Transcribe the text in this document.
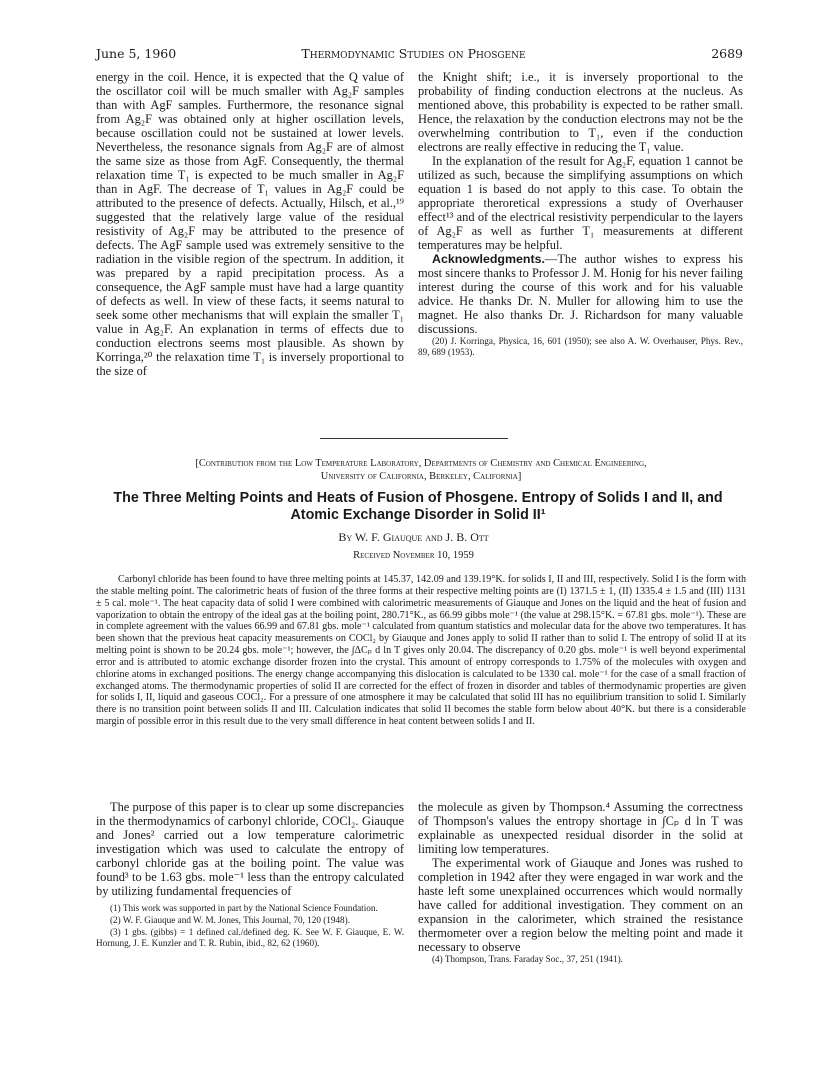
June 5, 1960	Thermodynamic Studies on Phosgene	2689

energy in the coil. Hence, it is expected that the Q value of the oscillator coil will be much smaller with Ag₂F samples than with AgF samples. Furthermore, the resonance signal from Ag₂F was obtained only at higher oscillation levels, because oscillation could not be sustained at lower levels. Nevertheless, the resonance signals from Ag₂F are of almost the same size as those from AgF. Consequently, the thermal relaxation time T₁ is expected to be much smaller in Ag₂F than in AgF. The decrease of T₁ values in Ag₂F could be attributed to the presence of defects. Actually, Hilsch, et al.,¹⁹ suggested that the relatively large value of the residual resistivity of Ag₂F may be attributed to the presence of defects. The AgF sample used was extremely sensitive to the radiation in the visible region of the spectrum. In addition, it was prepared by a rapid precipitation process. As a consequence, the AgF sample must have had a large quantity of defects as well. In view of these facts, it seems natural to seek some other mechanisms that will explain the smaller T₁ value in Ag₂F. An explanation in terms of effects due to conduction electrons seems most plausible. As shown by Korringa,²⁰ the relaxation time T₁ is inversely proportional to the size of

the Knight shift; i.e., it is inversely proportional to the probability of finding conduction electrons at the nucleus. As mentioned above, this probability is expected to be rather small. Hence, the relaxation by the conduction electrons may not be the overwhelming contribution to T₁, even if the conduction electrons are really effective in reducing the T₁ value.

In the explanation of the result for Ag₂F, equation 1 cannot be utilized as such, because the simplifying assumptions on which equation 1 is based do not apply to this case. To obtain the appropriate theroretical expressions a study of Overhauser effect¹³ and of the electrical resistivity perpendicular to the layers of Ag₂F as well as further T₁ measurements at different temperatures may be helpful.

Acknowledgments.—The author wishes to express his most sincere thanks to Professor J. M. Honig for his never failing interest during the course of this work and for his valuable advice. He thanks Dr. N. Muller for allowing him to use the magnet. He also thanks Dr. J. Richardson for many valuable discussions.

(20) J. Korringa, Physica, 16, 601 (1950); see also A. W. Overhauser, Phys. Rev., 89, 689 (1953).

[Contribution from the Low Temperature Laboratory, Departments of Chemistry and Chemical Engineering,
University of California, Berkeley, California]
The Three Melting Points and Heats of Fusion of Phosgene. Entropy of Solids I and II, and Atomic Exchange Disorder in Solid II¹
By W. F. Giauque and J. B. Ott
Received November 10, 1959

Carbonyl chloride has been found to have three melting points at 145.37, 142.09 and 139.19°K. for solids I, II and III, respectively. Solid I is the form with the stable melting point. The calorimetric heats of fusion of the three forms at their respective melting points are (I) 1371.5 ± 1, (II) 1335.4 ± 1.5 and (III) 1131 ± 5 cal. mole⁻¹. The heat capacity data of solid I were combined with calorimetric measurements of Giauque and Jones on the liquid and the heat of fusion and vaporization to obtain the entropy of the ideal gas at the boiling point, 280.71°K., as 66.99 gibbs mole⁻¹ (the value at 298.15°K. = 67.81 gbs. mole⁻¹). These are in complete agreement with the values 66.99 and 67.81 gbs. mole⁻¹ calculated from quantum statistics and molecular data for the above two temperatures. It has been shown that the previous heat capacity measurements on COCl₂ by Giauque and Jones apply to solid II rather than to solid I. The entropy of solid II at its melting point is shown to be 20.24 gbs. mole⁻¹; however, the ∫ΔCₚ d ln T gives only 20.04. The discrepancy of 0.20 gbs. mole⁻¹ is well beyond experimental error and is attributed to atomic exchange disorder frozen into the crystal. This amount of entropy corresponds to 1.75% of the molecules with oxygen and chlorine atoms in exchanged positions. The energy change accompanying this dislocation is calculated to be 1330 cal. mole⁻¹ for the case of a small fraction of exchanged atoms. The thermodynamic properties of solid II are corrected for the effect of frozen in disorder and tables of thermodynamic properties are given for solids I, II, liquid and gaseous COCl₂. For a pressure of one atmosphere it may be calculated that solid III has no equilibrium transition to solid I. Similarly there is no transition point between solids II and III. Calculation indicates that solid II becomes the stable form below about 40°K. but there is a considerable margin of possible error in this result due to the very small difference in heat content between solids I and II.

The purpose of this paper is to clear up some discrepancies in the thermodynamics of carbonyl chloride, COCl₂. Giauque and Jones² carried out a low temperature calorimetric investigation which was used to calculate the entropy of carbonyl chloride gas at the boiling point. The value was found³ to be 1.63 gbs. mole⁻¹ less than the entropy calculated by utilizing fundamental frequencies of

(1) This work was supported in part by the National Science Foundation.

(2) W. F. Giauque and W. M. Jones, This Journal, 70, 120 (1948).

(3) 1 gbs. (gibbs) = 1 defined cal./defined deg. K. See W. F. Giauque, E. W. Hornung, J. E. Kunzler and T. R. Rubin, ibid., 82, 62 (1960).

the molecule as given by Thompson.⁴ Assuming the correctness of Thompson's values the entropy shortage in ∫Cₚ d ln T was explainable as unexpected residual disorder in the solid at limiting low temperatures.

The experimental work of Giauque and Jones was rushed to completion in 1942 after they were engaged in war work and the haste left some unexplained occurrences which would normally have called for additional investigation. They comment on an expansion in the calorimeter, which strained the resistance thermometer over a region below the melting point and made it necessary to observe

(4) Thompson, Trans. Faraday Soc., 37, 251 (1941).
